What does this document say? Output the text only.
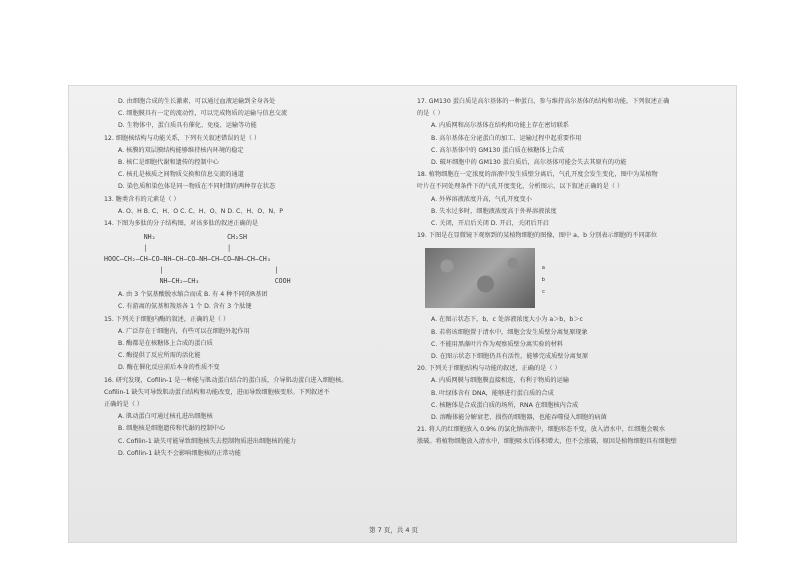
D. 由细胞合成的生长激素，可以通过血液运输到全身各处
C. 细胞膜具有一定的流动性，可以完成物质的运输与信息交流
D. 生物体中，蛋白质具有催化、免疫、运输等功能
12. 细胞核结构与功能关系，下列有关叙述错误的是（ ）
A. 核膜的双层膜结构能够维持核内环境的稳定
B. 核仁是细胞代谢和遗传的控制中心
C. 核孔是核质之间物质交换和信息交流的通道
D. 染色质和染色体是同一物质在不同时期的两种存在状态
13. 糖类含有的元素是（ ）
A. O、H B. C、H、O C. C、H、O、N D. C、H、O、N、P
14. 下图为多肽的分子结构图，对该多肽的叙述正确的是
NH₂                  CH₂SH
|                    |
HOOC—CH₂—CH—CO—NH—CH—CO—NH—CH—CO—NH—CH—CH₃
|                            |
NH—CH₂—CH₃                   COOH
A. 由 3 个氨基酸脱水缩合而成 B. 有 4 种不同的R基团
C. 有游离的氨基和羧基各 1 个 D. 含有 3 个肽键
15. 下列关于细胞内酶的叙述，正确的是（ ）
A. 广泛存在于细胞内，有些可以在细胞外起作用
B. 酶都是在核糖体上合成的蛋白质
C. 酶提供了反应所需的活化能
D. 酶在催化反应前后本身的性质不变
16. 研究发现，Cofilin-1 是一种能与肌动蛋白结合的蛋白质，介导肌动蛋白进入细胞核。
Cofilin-1 缺失可导致肌动蛋白结构和功能改变，进而导致细胞核变形。下列叙述不
正确的是（ ）
A. 肌动蛋白可通过核孔进出细胞核
B. 细胞核是细胞遗传和代谢的控制中心
C. Cofilin-1 缺失可能导致细胞核失去控制物质进出细胞核的能力
D. Cofilin-1 缺失不会影响细胞核的正常功能
17. GM130 蛋白质是高尔基体的一种蛋白，参与维持高尔基体的结构和功能，下列叙述正确
的是（ ）
A. 内质网和高尔基体在结构和功能上存在密切联系
B. 高尔基体在分泌蛋白的加工、运输过程中起重要作用
C. 高尔基体中的 GM130 蛋白质在核糖体上合成
D. 破坏细胞中的 GM130 蛋白质后，高尔基体可能会失去其原有的功能
18. 植物细胞在一定浓度的溶液中发生质壁分离后，气孔开度会发生变化，图中为某植物
叶片在不同处理条件下的气孔开度变化，分析图示，以下叙述正确的是（ ）
A. 外界溶液浓度升高，气孔开度变小
B. 失水过多时，细胞液浓度高于外界溶液浓度
C. 关闭，开启后关闭 D. 开启，关闭后开启
19. 下图是在显微镜下观察到的某植物细胞的图像，图中 a、b 分别表示细胞的不同部位
a
b
c
A. 在图示状态下，b、c 处溶液浓度大小为 a＞b，b＞c
B. 若将该细胞置于清水中，细胞会发生质壁分离复原现象
C. 不能用黑藻叶片作为观察质壁分离实验的材料
D. 在图示状态下细胞仍具有活性，能够完成质壁分离复原
20. 下列关于细胞结构与功能的叙述，正确的是（ ）
A. 内质网膜与细胞膜直接相连，有利于物质的运输
B. 叶绿体含有 DNA，能够进行蛋白质的合成
C. 核糖体是合成蛋白质的场所，RNA 在细胞核内合成
D. 溶酶体能分解衰老、损伤的细胞器，也能吞噬侵入细胞的病菌
21. 将人的红细胞放入 0.9% 的氯化钠溶液中，细胞形态不变，放入清水中，红细胞会吸水
涨破。将植物细胞放入清水中，细胞吸水后体积增大，但不会涨破，原因是植物细胞具有细胞壁
第 7 页，共 4 页
